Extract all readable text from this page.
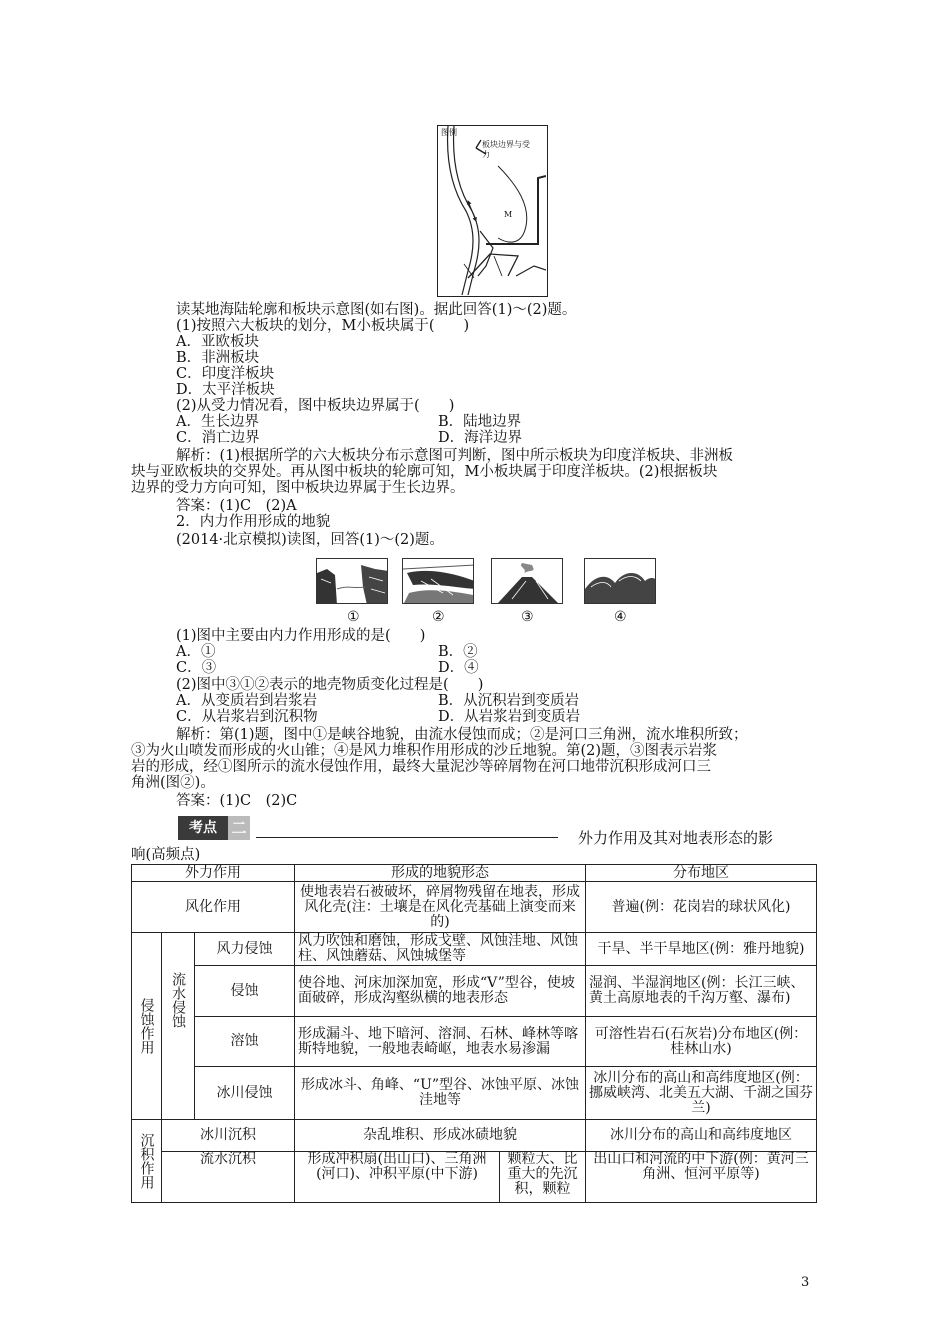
图例
板块边界与受力
M
读某地海陆轮廓和板块示意图(如右图)。据此回答(1)～(2)题。
(1)按照六大板块的划分，M小板块属于(　　)
A．亚欧板块
B．非洲板块
C．印度洋板块
D．太平洋板块
(2)从受力情况看，图中板块边界属于(　　)
A．生长边界	B．陆地边界
C．消亡边界	D．海洋边界
解析：(1)根据所学的六大板块分布示意图可判断，图中所示板块为印度洋板块、非洲板
块与亚欧板块的交界处。再从图中板块的轮廓可知，M小板块属于印度洋板块。(2)根据板块
边界的受力方向可知，图中板块边界属于生长边界。
答案：(1)C　(2)A
2．内力作用形成的地貌
(2014·北京模拟)读图，回答(1)～(2)题。
①	②	③	④
(1)图中主要由内力作用形成的是(　　)
A．①	B．②
C．③	D．④
(2)图中③①②表示的地壳物质变化过程是(　　)
A．从变质岩到岩浆岩	B．从沉积岩到变质岩
C．从岩浆岩到沉积物	D．从岩浆岩到变质岩
解析：第(1)题，图中①是峡谷地貌，由流水侵蚀而成；②是河口三角洲，流水堆积所致；
③为火山喷发而形成的火山锥；④是风力堆积作用形成的沙丘地貌。第(2)题，③图表示岩浆
岩的形成，经①图所示的流水侵蚀作用，最终大量泥沙等碎屑物在河口地带沉积形成河口三
角洲(图②)。
答案：(1)C　(2)C
考点 二
外力作用及其对地表形态的影
响(高频点)
外力作用			形成的地貌形态		分布地区
风化作用			使地表岩石被破坏，碎屑物残留在地表，形成风化壳(注：土壤是在风化壳基础上演变而来的)		普遍(例：花岗岩的球状风化)

侵蚀作用	流水侵蚀	风力侵蚀	风力吹蚀和磨蚀，形成戈壁、风蚀洼地、风蚀柱、风蚀蘑菇、风蚀城堡等		干旱、半干旱地区(例：雅丹地貌)
		侵蚀	使谷地、河床加深加宽，形成“V”型谷，使坡面破碎，形成沟壑纵横的地表形态		湿润、半湿润地区(例：长江三峡、黄土高原地表的千沟万壑、瀑布)
		溶蚀	形成漏斗、地下暗河、溶洞、石林、峰林等喀斯特地貌，一般地表崎岖，地表水易渗漏		可溶性岩石(石灰岩)分布地区(例：桂林山水)
		冰川侵蚀	形成冰斗、角峰、“U”型谷、冰蚀平原、冰蚀洼地等		冰川分布的高山和高纬度地区(例：挪威峡湾、北美五大湖、千湖之国芬兰)

沉积作用	冰川沉积		杂乱堆积、形成冰碛地貌		冰川分布的高山和高纬度地区
	流水沉积		形成冲积扇(出山口)、三角洲(河口)、冲积平原(中下游)	颗粒大、比重大的先沉积，颗粒	出山口和河流的中下游(例：黄河三角洲、恒河平原等)
3
